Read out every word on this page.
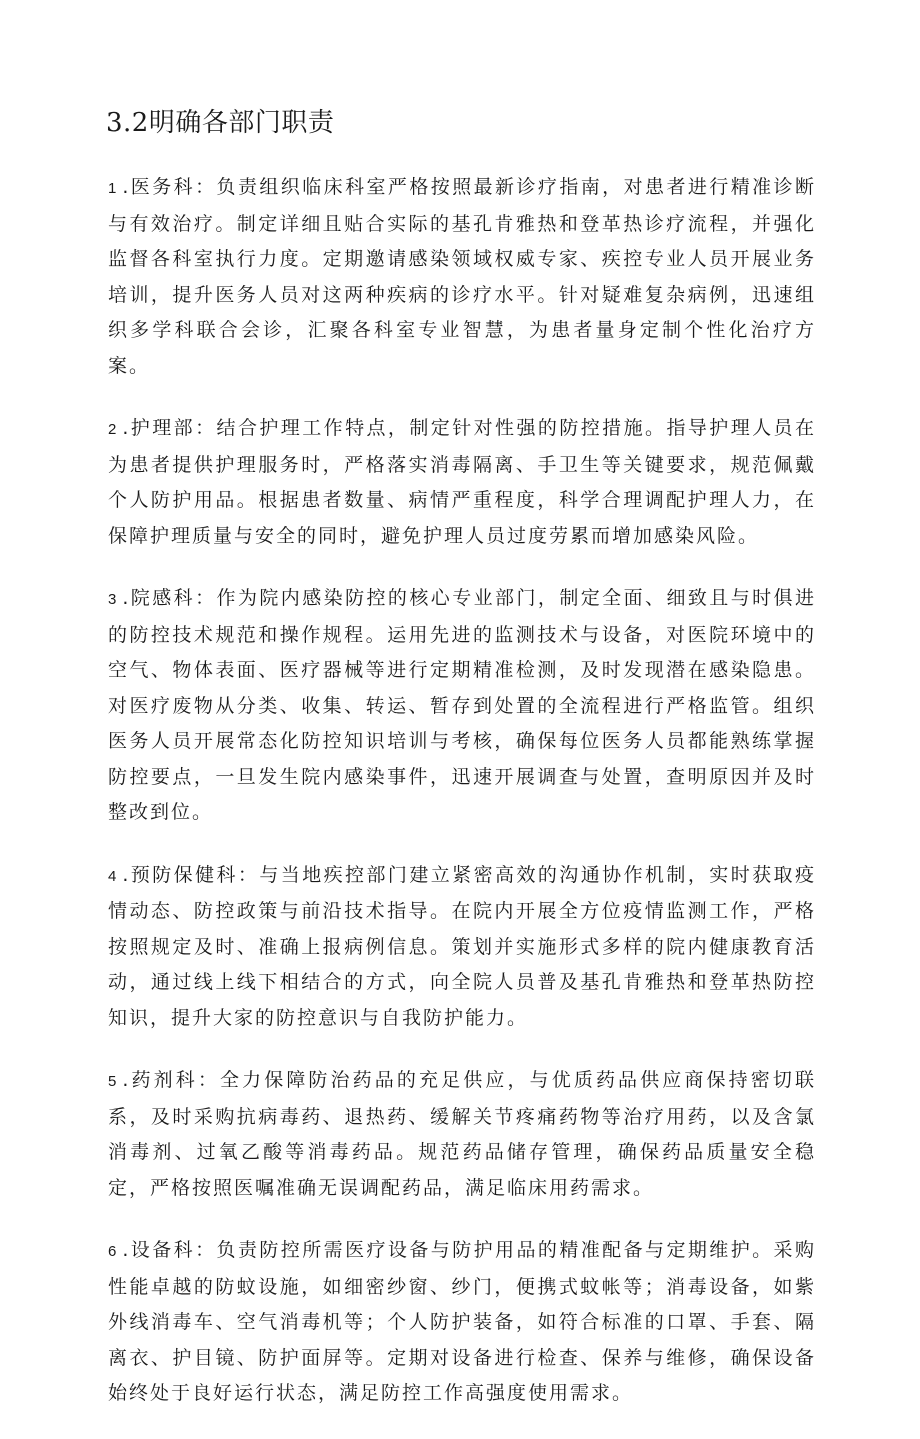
3.2明确各部门职责

1 .医务科：负责组织临床科室严格按照最新诊疗指南，对患者进行精准诊断与有效治疗。制定详细且贴合实际的基孔肯雅热和登革热诊疗流程，并强化监督各科室执行力度。定期邀请感染领域权威专家、疾控专业人员开展业务培训，提升医务人员对这两种疾病的诊疗水平。针对疑难复杂病例，迅速组织多学科联合会诊，汇聚各科室专业智慧，为患者量身定制个性化治疗方案。

2 .护理部：结合护理工作特点，制定针对性强的防控措施。指导护理人员在为患者提供护理服务时，严格落实消毒隔离、手卫生等关键要求，规范佩戴个人防护用品。根据患者数量、病情严重程度，科学合理调配护理人力，在保障护理质量与安全的同时，避免护理人员过度劳累而增加感染风险。

3 .院感科：作为院内感染防控的核心专业部门，制定全面、细致且与时俱进的防控技术规范和操作规程。运用先进的监测技术与设备，对医院环境中的空气、物体表面、医疗器械等进行定期精准检测，及时发现潜在感染隐患。对医疗废物从分类、收集、转运、暂存到处置的全流程进行严格监管。组织医务人员开展常态化防控知识培训与考核，确保每位医务人员都能熟练掌握防控要点，一旦发生院内感染事件，迅速开展调查与处置，查明原因并及时整改到位。

4 .预防保健科：与当地疾控部门建立紧密高效的沟通协作机制，实时获取疫情动态、防控政策与前沿技术指导。在院内开展全方位疫情监测工作，严格按照规定及时、准确上报病例信息。策划并实施形式多样的院内健康教育活动，通过线上线下相结合的方式，向全院人员普及基孔肯雅热和登革热防控知识，提升大家的防控意识与自我防护能力。

5 .药剂科：全力保障防治药品的充足供应，与优质药品供应商保持密切联系，及时采购抗病毒药、退热药、缓解关节疼痛药物等治疗用药，以及含氯消毒剂、过氧乙酸等消毒药品。规范药品储存管理，确保药品质量安全稳定，严格按照医嘱准确无误调配药品，满足临床用药需求。

6 .设备科：负责防控所需医疗设备与防护用品的精准配备与定期维护。采购性能卓越的防蚊设施，如细密纱窗、纱门，便携式蚊帐等；消毒设备，如紫外线消毒车、空气消毒机等；个人防护装备，如符合标准的口罩、手套、隔离衣、护目镜、防护面屏等。定期对设备进行检查、保养与维修，确保设备始终处于良好运行状态，满足防控工作高强度使用需求。
